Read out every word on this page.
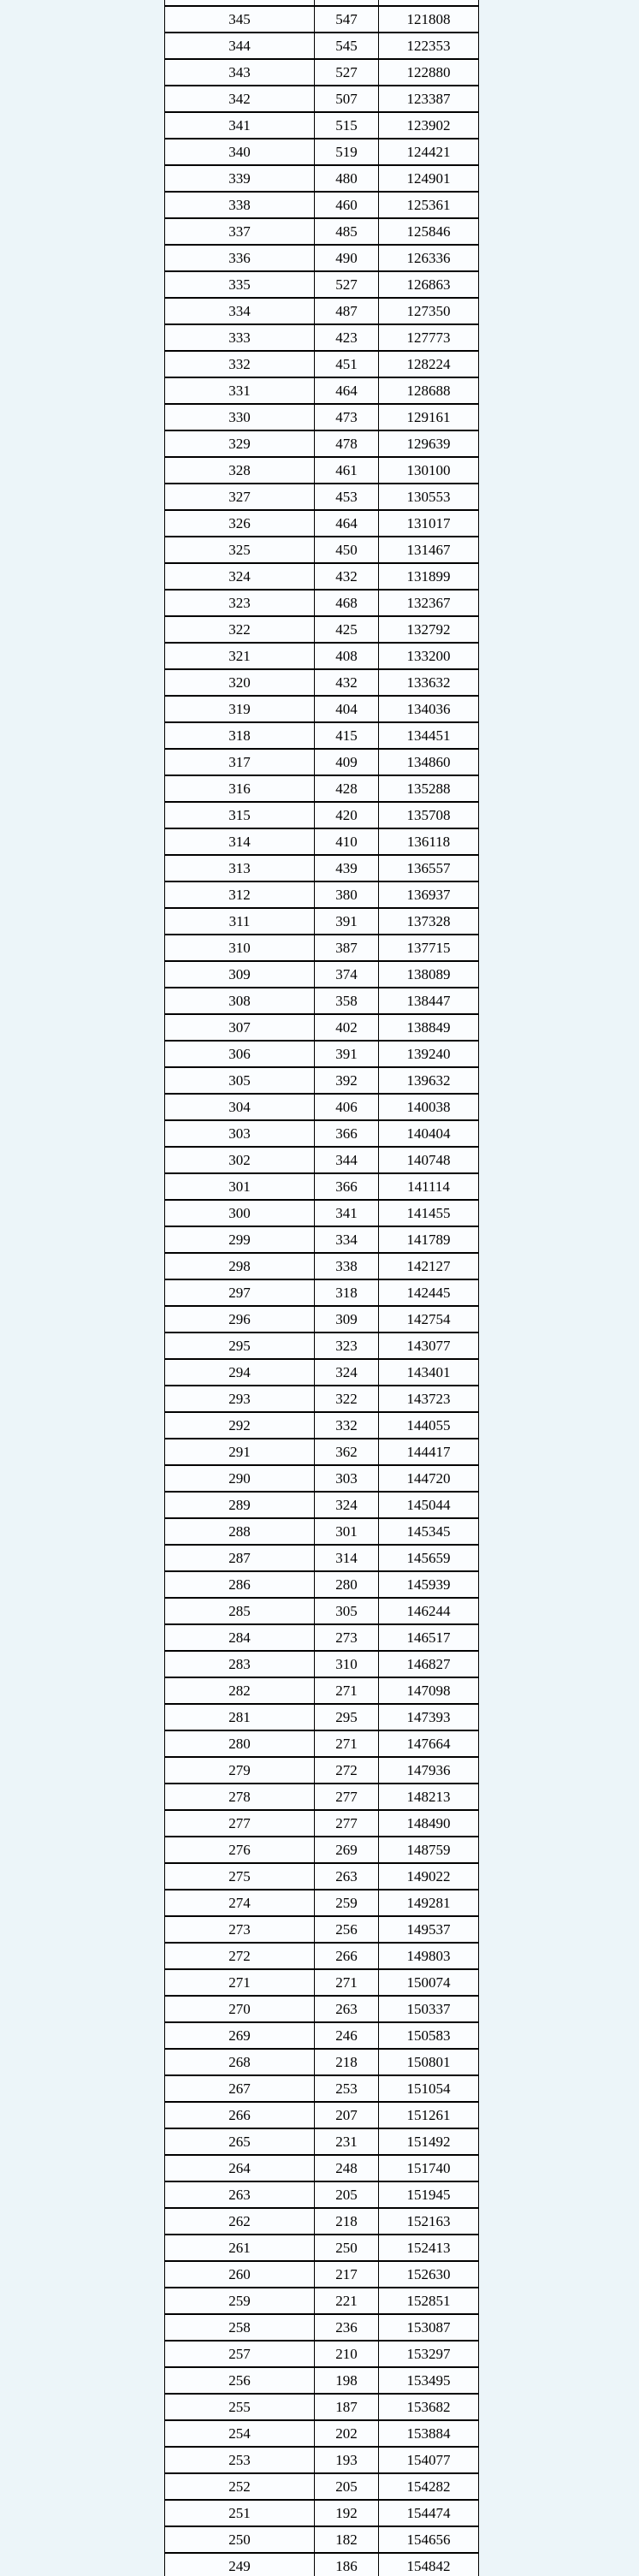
345	547	121808
344	545	122353
343	527	122880
342	507	123387
341	515	123902
340	519	124421
339	480	124901
338	460	125361
337	485	125846
336	490	126336
335	527	126863
334	487	127350
333	423	127773
332	451	128224
331	464	128688
330	473	129161
329	478	129639
328	461	130100
327	453	130553
326	464	131017
325	450	131467
324	432	131899
323	468	132367
322	425	132792
321	408	133200
320	432	133632
319	404	134036
318	415	134451
317	409	134860
316	428	135288
315	420	135708
314	410	136118
313	439	136557
312	380	136937
311	391	137328
310	387	137715
309	374	138089
308	358	138447
307	402	138849
306	391	139240
305	392	139632
304	406	140038
303	366	140404
302	344	140748
301	366	141114
300	341	141455
299	334	141789
298	338	142127
297	318	142445
296	309	142754
295	323	143077
294	324	143401
293	322	143723
292	332	144055
291	362	144417
290	303	144720
289	324	145044
288	301	145345
287	314	145659
286	280	145939
285	305	146244
284	273	146517
283	310	146827
282	271	147098
281	295	147393
280	271	147664
279	272	147936
278	277	148213
277	277	148490
276	269	148759
275	263	149022
274	259	149281
273	256	149537
272	266	149803
271	271	150074
270	263	150337
269	246	150583
268	218	150801
267	253	151054
266	207	151261
265	231	151492
264	248	151740
263	205	151945
262	218	152163
261	250	152413
260	217	152630
259	221	152851
258	236	153087
257	210	153297
256	198	153495
255	187	153682
254	202	153884
253	193	154077
252	205	154282
251	192	154474
250	182	154656
249	186	154842
